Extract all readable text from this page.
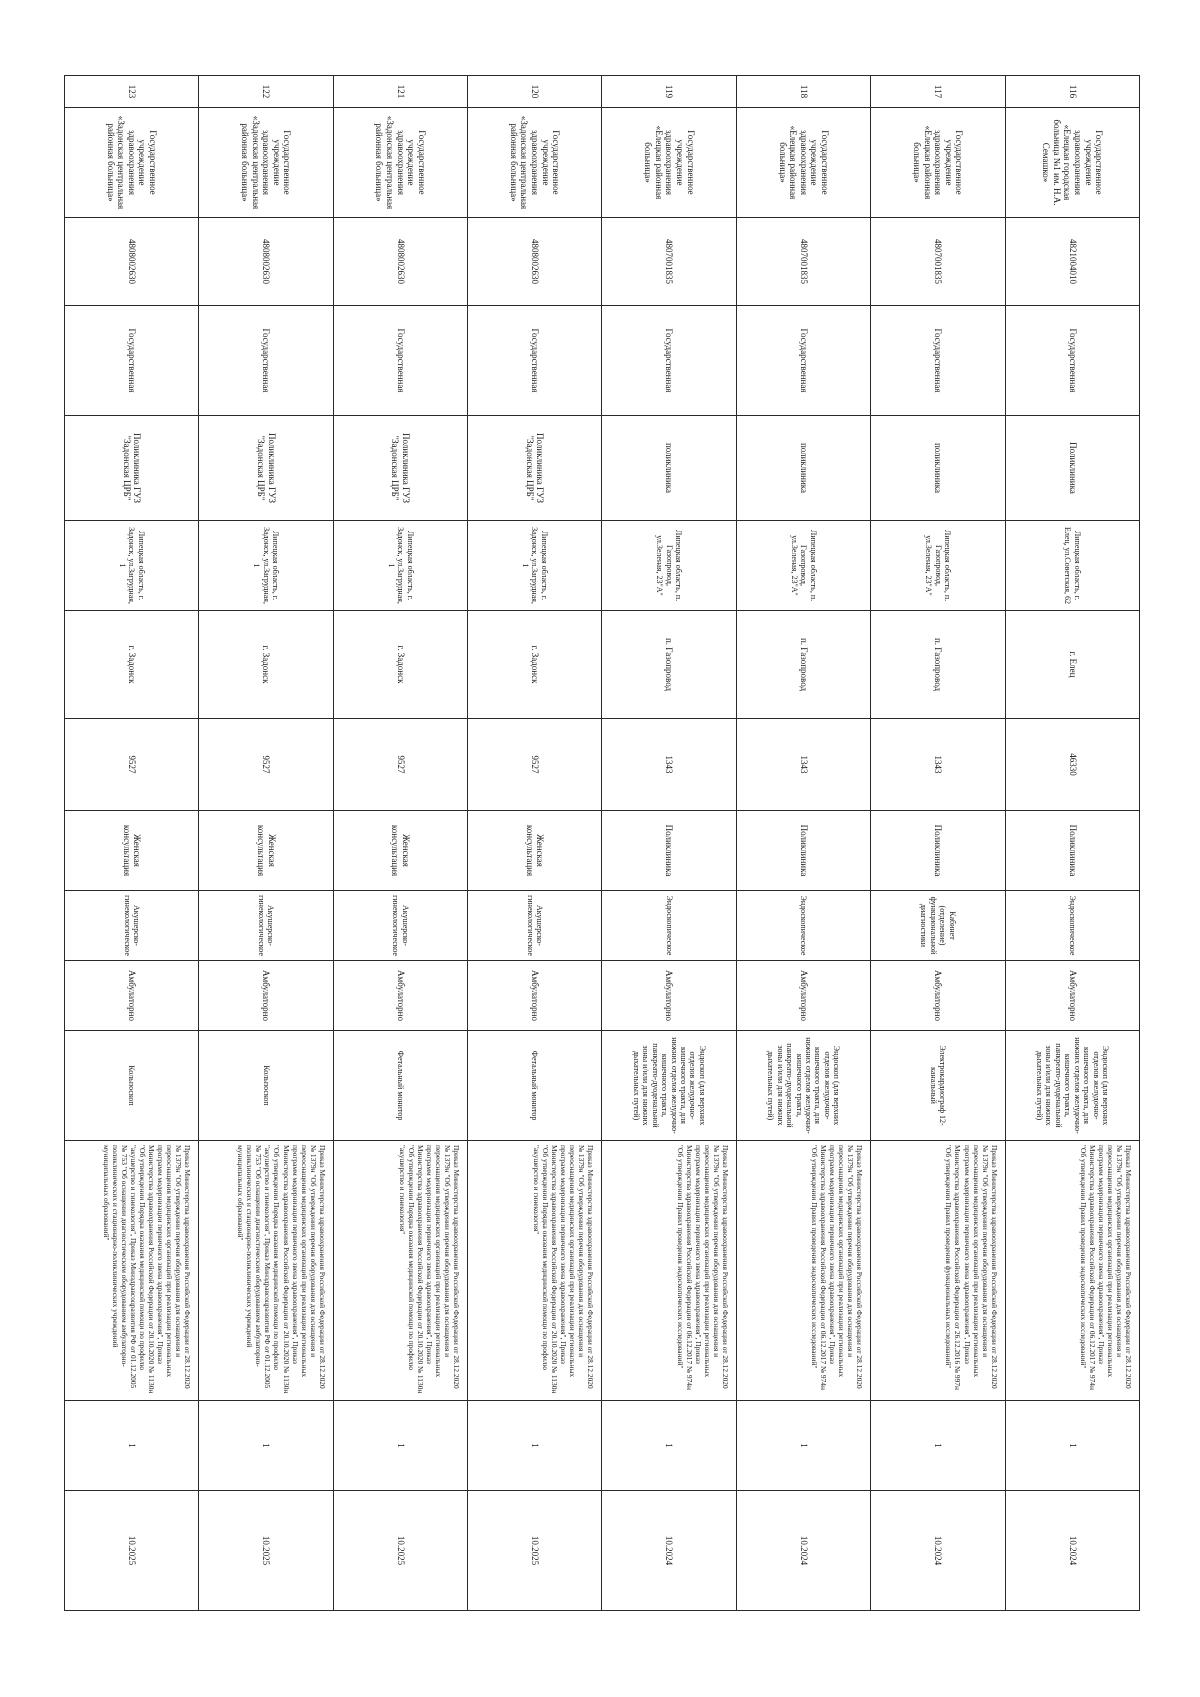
116	Государственное учреждение здравоохранения «Елецкая городская больница №1 им. Н.А. Семашко»	4821004010	Государственная	Поликлиника	Липецкая область, г. Елец, ул.Советская, 62	г. Елец	46330	Поликлиника	Эндоскопическое	Амбулаторно	Эндоскоп (для верхних отделов желудочно-кишечного тракта, для нижних отделов желудочно-кишечного тракта, панкреато-дуоденальной зоны и/или для нижних дыхательных путей)	Приказ Министерства здравоохранения Российской Федерации от 28.12.2020 № 1379н "Об утверждении перечня оборудования для оснащения и переоснащения медицинских организаций при реализации региональных программ модернизации первичного звена здравоохранения", Приказ Министерства здравоохранения Российской Федерации от 06.12.2017 № 974н "Об утверждении Правил проведения эндоскопических исследований"	1	10.2024
117	Государственное учреждение здравоохранения «Елецкая районная больница»	4807001835	Государственная	поликлиника	Липецкая область, п. Газопровод, ул.Зеленая, 23"А"	п. Газопровод	1343	Поликлиника	Кабинет (отделение) функциональной диагностики	Амбулаторно	Электрокардиограф 12-канальный	Приказ Министерства здравоохранения Российской Федерации от 28.12.2020 № 1379н "Об утверждении перечня оборудования для оснащения и переоснащения медицинских организаций при реализации региональных программ модернизации первичного звена здравоохранения", Приказ Министерства здравоохранения Российской Федерации от 26.12.2016 № 997н "Об утверждении Правил проведения функциональных исследований"	1	10.2024
118	Государственное учреждение здравоохранения «Елецкая районная больница»	4807001835	Государственная	поликлиника	Липецкая область, п. Газопровод, ул.Зеленая, 23"А"	п. Газопровод	1343	Поликлиника	Эндоскопическое	Амбулаторно	Эндоскоп (для верхних отделов желудочно-кишечного тракта, для нижних отделов желудочно-кишечного тракта, панкреато-дуоденальной зоны и/или для нижних дыхательных путей)	Приказ Министерства здравоохранения Российской Федерации от 28.12.2020 № 1379н "Об утверждении перечня оборудования для оснащения и переоснащения медицинских организаций при реализации региональных программ модернизации первичного звена здравоохранения", Приказ Министерства здравоохранения Российской Федерации от 06.12.2017 № 974н "Об утверждении Правил проведения эндоскопических исследований"	1	10.2024
119	Государственное учреждение здравоохранения «Елецкая районная больница»	4807001835	Государственная	поликлиника	Липецкая область, п. Газопровод, ул.Зеленая, 23"А"	п. Газопровод	1343	Поликлиника	Эндоскопическое	Амбулаторно	Эндоскоп (для верхних отделов желудочно-кишечного тракта, для нижних отделов желудочно-кишечного тракта, панкреато-дуоденальной зоны и/или для нижних дыхательных путей)	Приказ Министерства здравоохранения Российской Федерации от 28.12.2020 № 1379н "Об утверждении перечня оборудования для оснащения и переоснащения медицинских организаций при реализации региональных программ модернизации первичного звена здравоохранения", Приказ Министерства здравоохранения Российской Федерации от 06.12.2017 № 974н "Об утверждении Правил проведения эндоскопических исследований"	1	10.2024
120	Государственное учреждение здравоохранения «Задонская центральная районная больница»	4808002630	Государственная	Поликлиника ГУЗ "Задонская ЦРБ"	Липецкая область, г. Задонск, ул.Загрудная, 1	г. Задонск	9527	Женская консультация	Акушерско-гинекологическое	Амбулаторно	Фетальный монитор	Приказ Министерства здравоохранения Российской Федерации от 28.12.2020 № 1379н "Об утверждении перечня оборудования для оснащения и переоснащения медицинских организаций при реализации региональных программ модернизации первичного звена здравоохранения", Приказ Министерства здравоохранения Российской Федерации от 20.10.2020 № 1130н "Об утверждении Порядка оказания медицинской помощи по профилю "акушерство и гинекология"	1	10.2025
121	Государственное учреждение здравоохранения «Задонская центральная районная больница»	4808002630	Государственная	Поликлиника ГУЗ "Задонская ЦРБ"	Липецкая область, г. Задонск, ул.Загрудная, 1	г. Задонск	9527	Женская консультация	Акушерско-гинекологическое	Амбулаторно	Фетальный монитор	Приказ Министерства здравоохранения Российской Федерации от 28.12.2020 № 1379н "Об утверждении перечня оборудования для оснащения и переоснащения медицинских организаций при реализации региональных программ модернизации первичного звена здравоохранения", Приказ Министерства здравоохранения Российской Федерации от 20.10.2020 № 1130н "Об утверждении Порядка оказания медицинской помощи по профилю "акушерство и гинекология"	1	10.2025
122	Государственное учреждение здравоохранения «Задонская центральная районная больница»	4808002630	Государственная	Поликлиника ГУЗ "Задонская ЦРБ"	Липецкая область, г. Задонск, ул.Загрудная, 1	г. Задонск	9527	Женская консультация	Акушерско-гинекологическое	Амбулаторно	Кольпоскоп	Приказ Министерства здравоохранения Российской Федерации от 28.12.2020 № 1379н "Об утверждении перечня оборудования для оснащения и переоснащения медицинских организаций при реализации региональных программ модернизации первичного звена здравоохранения", Приказ Министерства здравоохранения Российской Федерации от 20.10.2020 № 1130н "Об утверждении Порядка оказания медицинской помощи по профилю "акушерство и гинекология", Приказ Минздравсоцразвития РФ от 01.12.2005 № 753 "Об оснащении диагностическим оборудованием амбулаторно-поликлинических и стационарно-поликлинических учреждений муниципальных образований"	1	10.2025
123	Государственное учреждение здравоохранения «Задонская центральная районная больница»	4808002630	Государственная	Поликлиника ГУЗ "Задонская ЦРБ"	Липецкая область, г. Задонск, ул.Загрудная, 1	г. Задонск	9527	Женская консультация	Акушерско-гинекологическое	Амбулаторно	Кольпоскоп	Приказ Министерства здравоохранения Российской Федерации от 28.12.2020 № 1379н "Об утверждении перечня оборудования для оснащения и переоснащения медицинских организаций при реализации региональных программ модернизации первичного звена здравоохранения", Приказ Министерства здравоохранения Российской Федерации от 20.10.2020 № 1130н "Об утверждении Порядка оказания медицинской помощи по профилю "акушерство и гинекология", Приказ Минздравсоцразвития РФ от 01.12.2005 № 753 "Об оснащении диагностическим оборудованием амбулаторно-поликлинических и стационарно-поликлинических учреждений муниципальных образований"	1	10.2025
